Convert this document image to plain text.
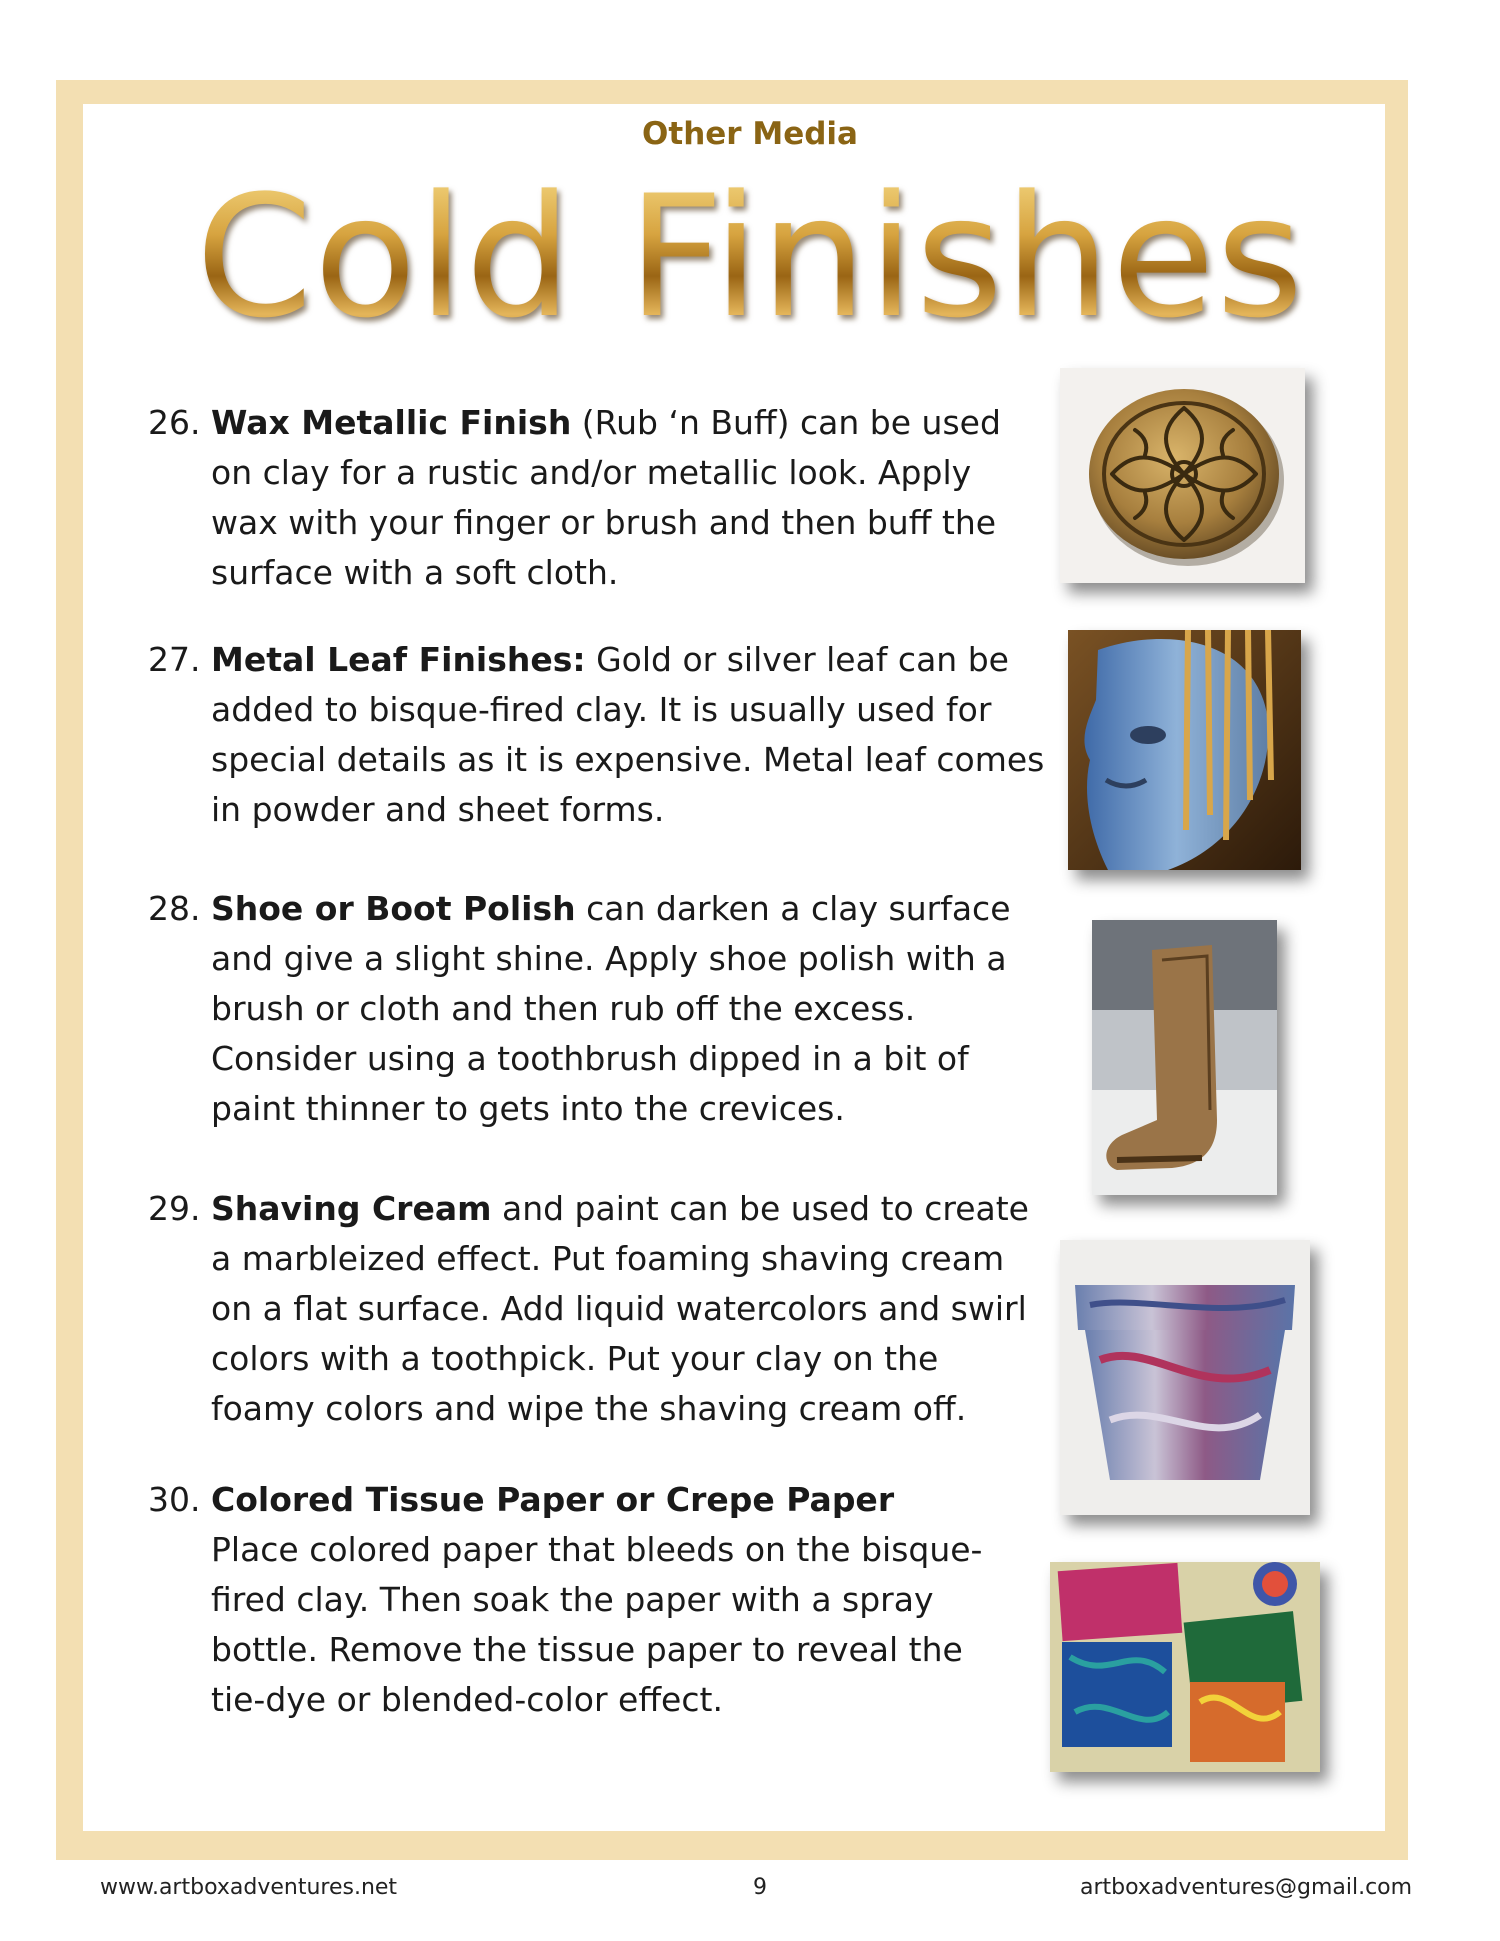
Other Media
Cold Finishes
26. Wax Metallic Finish (Rub ‘n Buff) can be used
on clay for a rustic and/or metallic look. Apply
wax with your finger or brush and then buff the
surface with a soft cloth.
27. Metal Leaf Finishes: Gold or silver leaf can be
added to bisque-fired clay. It is usually used for
special details as it is expensive. Metal leaf comes
in powder and sheet forms.
28. Shoe or Boot Polish can darken a clay surface
and give a slight shine. Apply shoe polish with a
brush or cloth and then rub off the excess.
Consider using a toothbrush dipped in a bit of
paint thinner to gets into the crevices.
29. Shaving Cream and paint can be used to create
a marbleized effect. Put foaming shaving cream
on a flat surface. Add liquid watercolors and swirl
colors with a toothpick. Put your clay on the
foamy colors and wipe the shaving cream off.
30. Colored Tissue Paper or Crepe Paper
Place colored paper that bleeds on the bisque-
fired clay. Then soak the paper with a spray
bottle. Remove the tissue paper to reveal the
tie-dye or blended-color effect.
www.artboxadventures.net	9	artboxadventures@gmail.com
